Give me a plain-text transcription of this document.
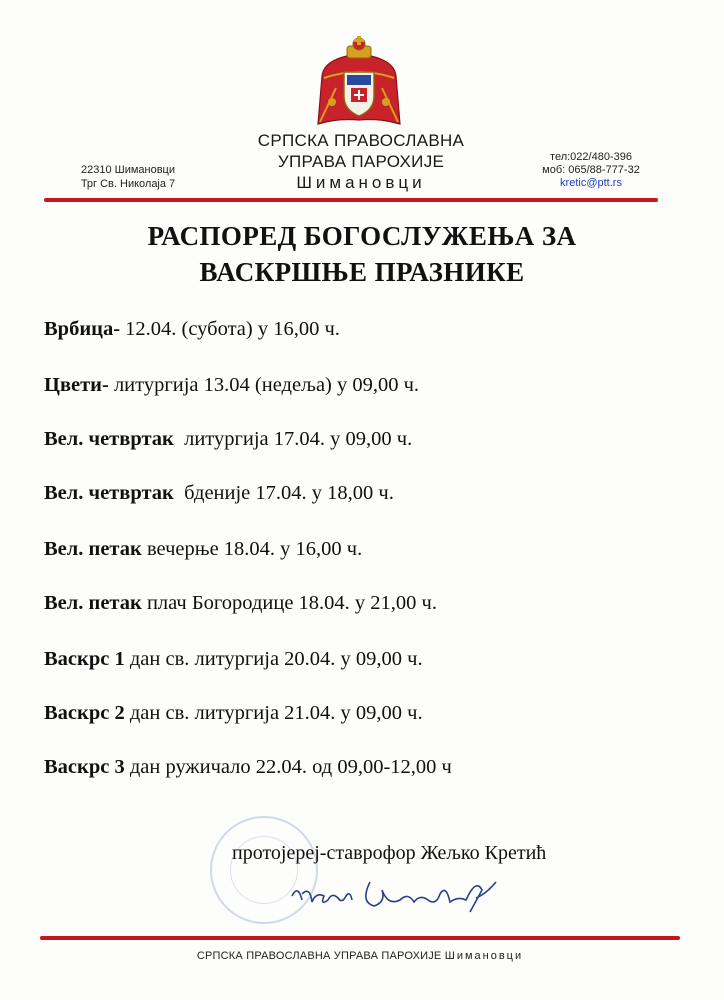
СРПСКА ПРАВОСЛАВНА
УПРАВА ПАРОХИЈЕ
Шимановци
22310 Шимановци
Трг Св. Николаја 7
тел:022/480-396
моб: 065/88-777-32
kretic@ptt.rs
РАСПОРЕД БОГОСЛУЖЕЊА ЗА
ВАСКРШЊЕ ПРАЗНИКЕ
Врбица- 12.04. (субота) у 16,00 ч.
Цвети- литургија 13.04 (недеља) у 09,00 ч.
Вел. четвртак  литургија 17.04. у 09,00 ч.
Вел. четвртак  бденије 17.04. у 18,00 ч.
Вел. петак вечерње 18.04. у 16,00 ч.
Вел. петак плач Богородице 18.04. у 21,00 ч.
Васкрс 1 дан св. литургија 20.04. у 09,00 ч.
Васкрс 2 дан св. литургија 21.04. у 09,00 ч.
Васкрс 3 дан ружичало 22.04. од 09,00-12,00 ч
протојереј-ставрофор Жељко Кретић
СРПСКА ПРАВОСЛАВНА УПРАВА ПАРОХИЈЕ Шимановци
